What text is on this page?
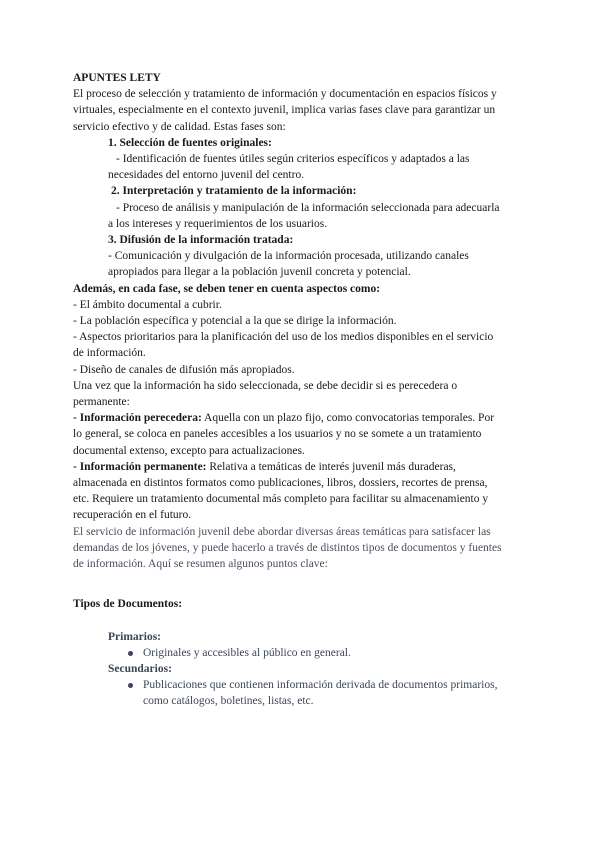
APUNTES LETY
El proceso de selección y tratamiento de información y documentación en espacios físicos y
virtuales, especialmente en el contexto juvenil, implica varias fases clave para garantizar un
servicio efectivo y de calidad. Estas fases son:
1. Selección de fuentes originales:
- Identificación de fuentes útiles según criterios específicos y adaptados a las
necesidades del entorno juvenil del centro.
2. Interpretación y tratamiento de la información:
- Proceso de análisis y manipulación de la información seleccionada para adecuarla
a los intereses y requerimientos de los usuarios.
3. Difusión de la información tratada:
- Comunicación y divulgación de la información procesada, utilizando canales
apropiados para llegar a la población juvenil concreta y potencial.
Además, en cada fase, se deben tener en cuenta aspectos como:
- El ámbito documental a cubrir.
- La población específica y potencial a la que se dirige la información.
- Aspectos prioritarios para la planificación del uso de los medios disponibles en el servicio
de información.
- Diseño de canales de difusión más apropiados.
Una vez que la información ha sido seleccionada, se debe decidir si es perecedera o
permanente:
- Información perecedera: Aquella con un plazo fijo, como convocatorias temporales. Por
lo general, se coloca en paneles accesibles a los usuarios y no se somete a un tratamiento
documental extenso, excepto para actualizaciones.
- Información permanente: Relativa a temáticas de interés juvenil más duraderas,
almacenada en distintos formatos como publicaciones, libros, dossiers, recortes de prensa,
etc. Requiere un tratamiento documental más completo para facilitar su almacenamiento y
recuperación en el futuro.
El servicio de información juvenil debe abordar diversas áreas temáticas para satisfacer las
demandas de los jóvenes, y puede hacerlo a través de distintos tipos de documentos y fuentes
de información. Aquí se resumen algunos puntos clave:
Tipos de Documentos:
Primarios:
Originales y accesibles al público en general.
Secundarios:
Publicaciones que contienen información derivada de documentos primarios,
como catálogos, boletines, listas, etc.
